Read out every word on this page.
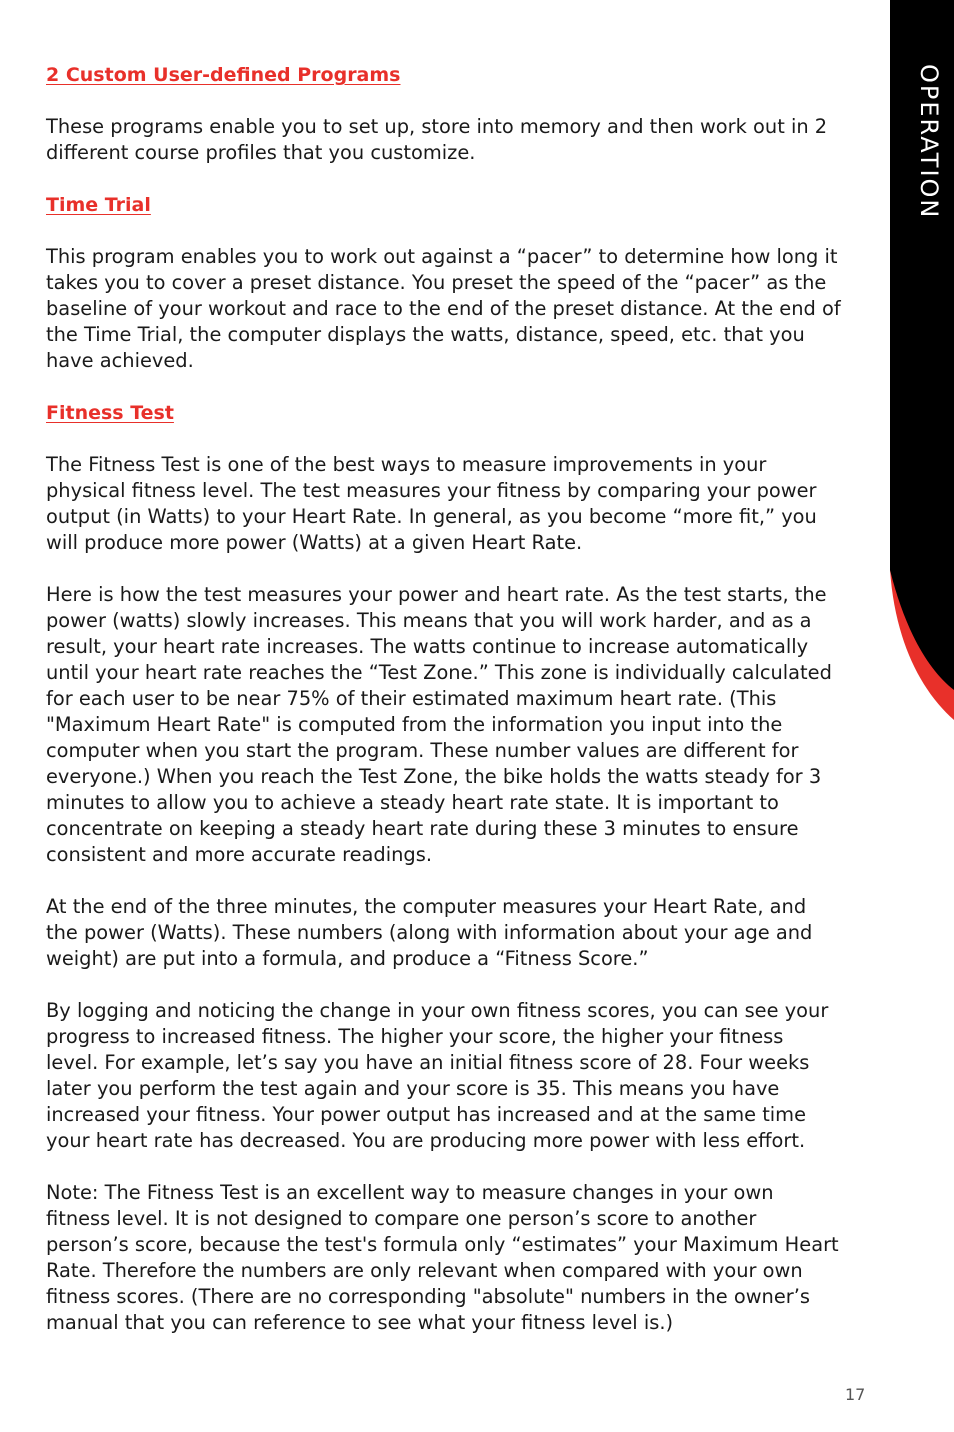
OPERATION
2 Custom User-defined Programs

These programs enable you to set up, store into memory and then work out in 2 different course profiles that you customize.

Time Trial

This program enables you to work out against a “pacer” to determine how long it takes you to cover a preset distance. You preset the speed of the “pacer” as the baseline of your workout and race to the end of the preset distance. At the end of the Time Trial, the computer displays the watts, distance, speed, etc. that you have achieved.

Fitness Test

The Fitness Test is one of the best ways to measure improvements in your physical fitness level. The test measures your fitness by comparing your power output (in Watts) to your Heart Rate. In general, as you become “more fit,” you will produce more power (Watts) at a given Heart Rate.

Here is how the test measures your power and heart rate. As the test starts, the power (watts) slowly increases. This means that you will work harder, and as a result, your heart rate increases. The watts continue to increase automatically until your heart rate reaches the “Test Zone.” This zone is individually calculated for each user to be near 75% of their estimated maximum heart rate. (This "Maximum Heart Rate" is computed from the information you input into the computer when you start the program. These number values are different for everyone.) When you reach the Test Zone, the bike holds the watts steady for 3 minutes to allow you to achieve a steady heart rate state. It is important to concentrate on keeping a steady heart rate during these 3 minutes to ensure consistent and more accurate readings.

At the end of the three minutes, the computer measures your Heart Rate, and the power (Watts). These numbers (along with information about your age and weight) are put into a formula, and produce a “Fitness Score.”

By logging and noticing the change in your own fitness scores, you can see your progress to increased fitness. The higher your score, the higher your fitness level. For example, let’s say you have an initial fitness score of 28. Four weeks later you perform the test again and your score is 35. This means you have increased your fitness. Your power output has increased and at the same time your heart rate has decreased. You are producing more power with less effort.

Note: The Fitness Test is an excellent way to measure changes in your own fitness level. It is not designed to compare one person’s score to another person’s score, because the test's formula only “estimates” your Maximum Heart Rate. Therefore the numbers are only relevant when compared with your own fitness scores. (There are no corresponding "absolute" numbers in the owner’s manual that you can reference to see what your fitness level is.)

17
